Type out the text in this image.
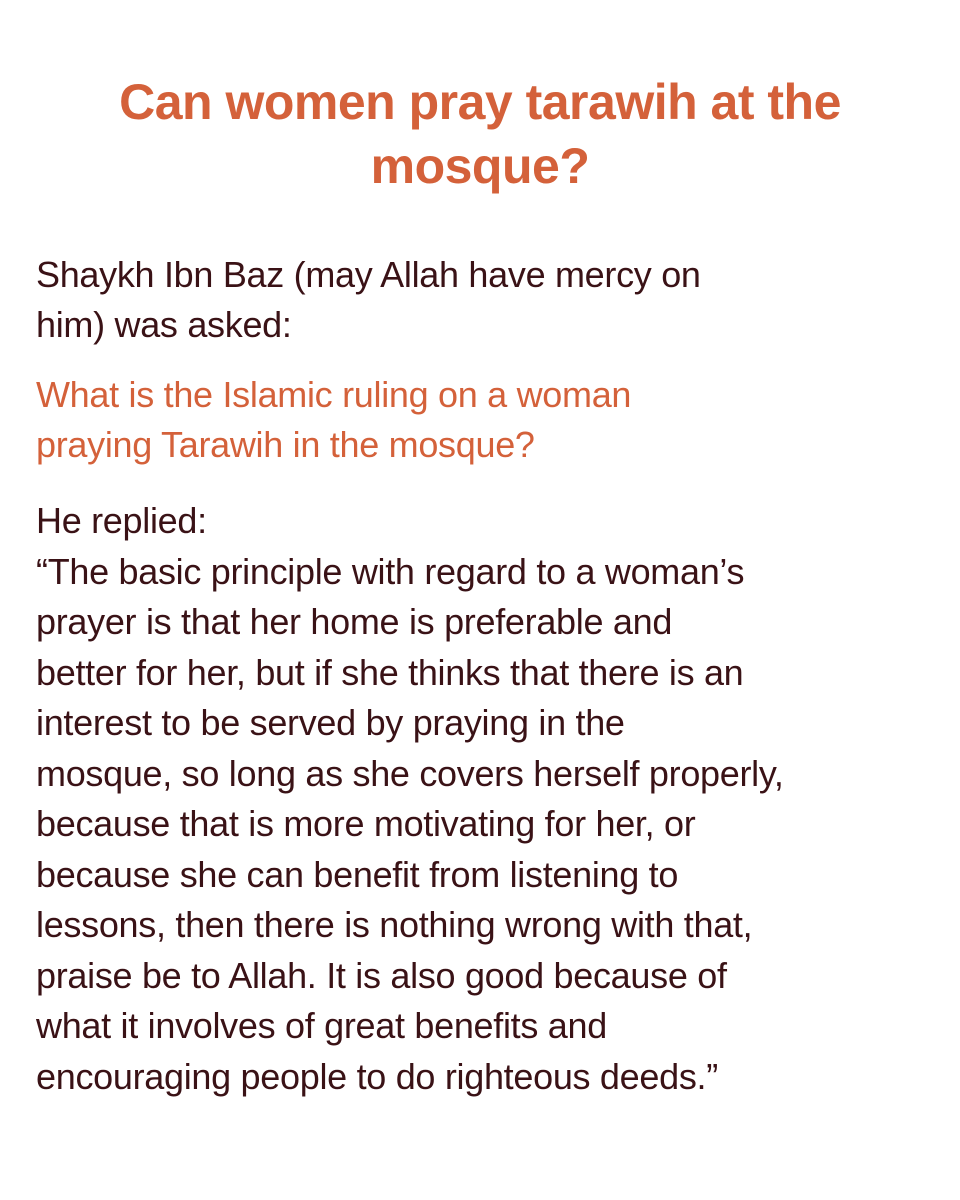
Can women pray tarawih at the
mosque?

Shaykh Ibn Baz (may Allah have mercy on
him) was asked:

What is the Islamic ruling on a woman
praying Tarawih in the mosque?

He replied:
“The basic principle with regard to a woman’s
prayer is that her home is preferable and
better for her, but if she thinks that there is an
interest to be served by praying in the
mosque, so long as she covers herself properly,
because that is more motivating for her, or
because she can benefit from listening to
lessons, then there is nothing wrong with that,
praise be to Allah. It is also good because of
what it involves of great benefits and
encouraging people to do righteous deeds.”
